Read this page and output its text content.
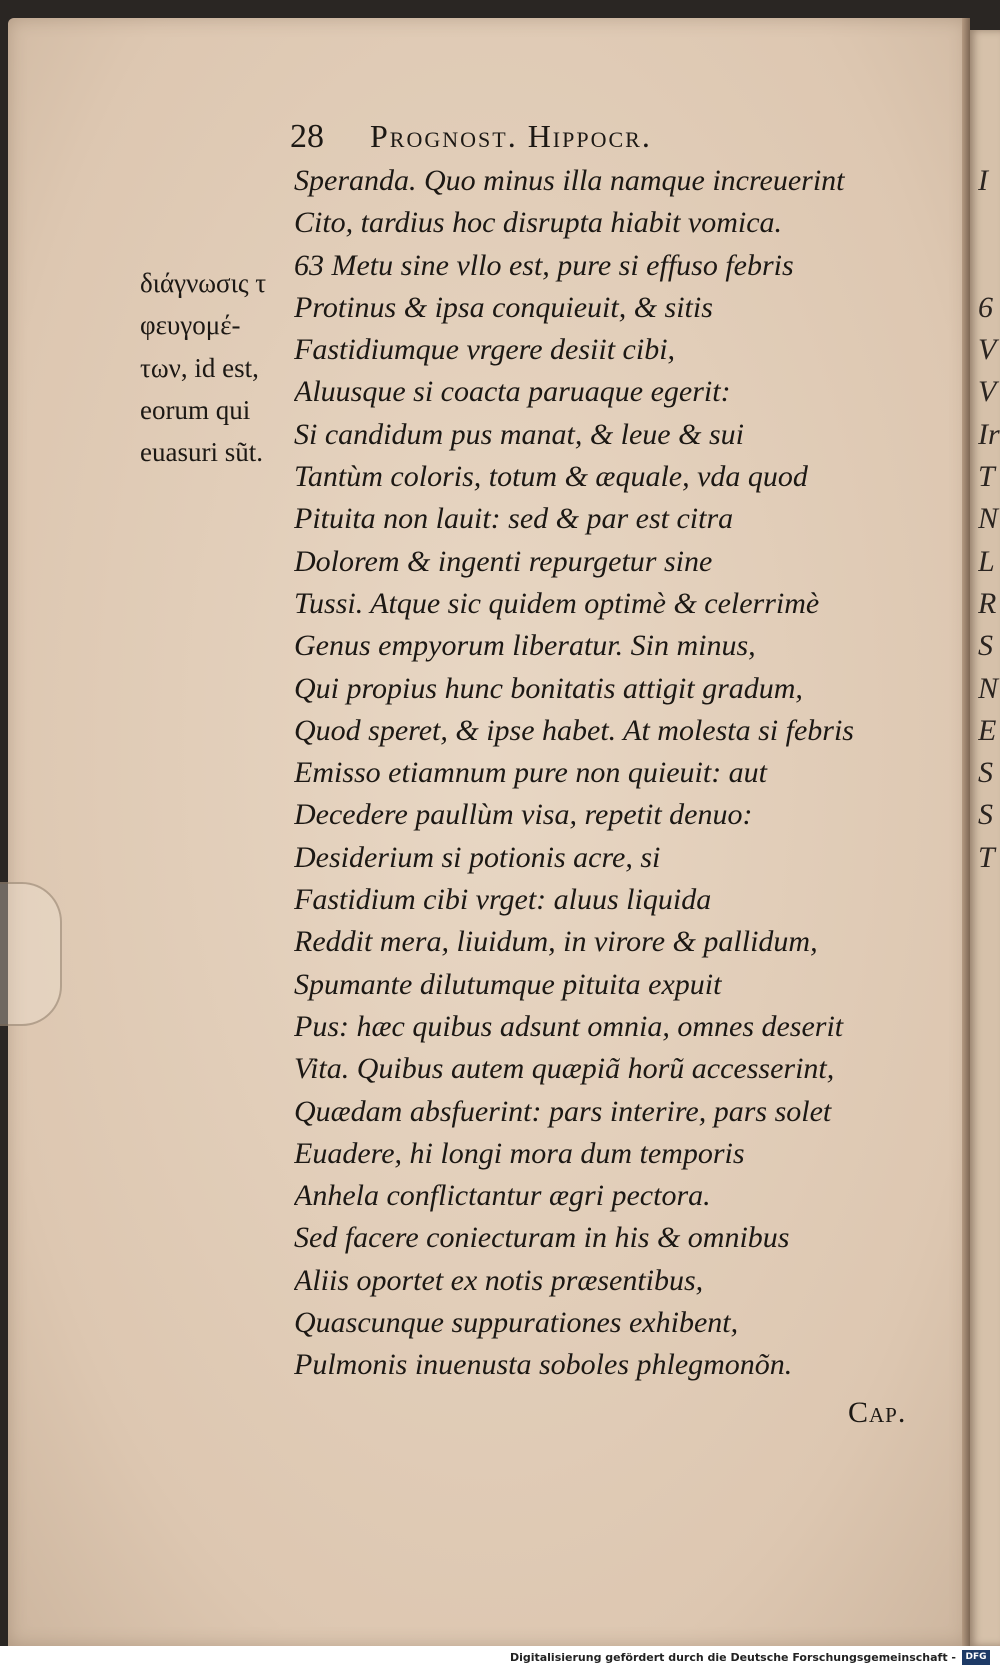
28 Prognost. Hippocr.
διάγνωσις τ
φευγομέ-
των, id est,
eorum qui
euasuri sũt.
Speranda. Quo minus illa namque increuerint
Cito, tardius hoc disrupta hiabit vomica.
63 Metu sine vllo est, pure si effuso febris
Protinus & ipsa conquieuit, & sitis
Fastidiumque vrgere desiit cibi,
Aluusque si coacta paruaque egerit:
Si candidum pus manat, & leue & sui
Tantùm coloris, totum & æquale, vda quod
Pituita non lauit: sed & par est citra
Dolorem & ingenti repurgetur sine
Tussi. Atque sic quidem optimè & celerrimè
Genus empyorum liberatur. Sin minus,
Qui propius hunc bonitatis attigit gradum,
Quod speret, & ipse habet. At molesta si febris
Emisso etiamnum pure non quieuit: aut
Decedere paullùm visa, repetit denuo:
Desiderium si potionis acre, si
Fastidium cibi vrget: aluus liquida
Reddit mera, liuidum, in virore & pallidum,
Spumante dilutumque pituita expuit
Pus: hæc quibus adsunt omnia, omnes deserit
Vita. Quibus autem quæpiã horũ accesserint,
Quædam absfuerint: pars interire, pars solet
Euadere, hi longi mora dum temporis
Anhela conflictantur ægri pectora.
Sed facere coniecturam in his & omnibus
Aliis oportet ex notis præsentibus,
Quascunque suppurationes exhibent,
Pulmonis inuenusta soboles phlegmonõn.
I
6
V
V
Ir
T
N
L
R
S
N
E
S
S
T
Cap.
Digitalisierung gefördert durch die Deutsche Forschungsgemeinschaft -	DFG
